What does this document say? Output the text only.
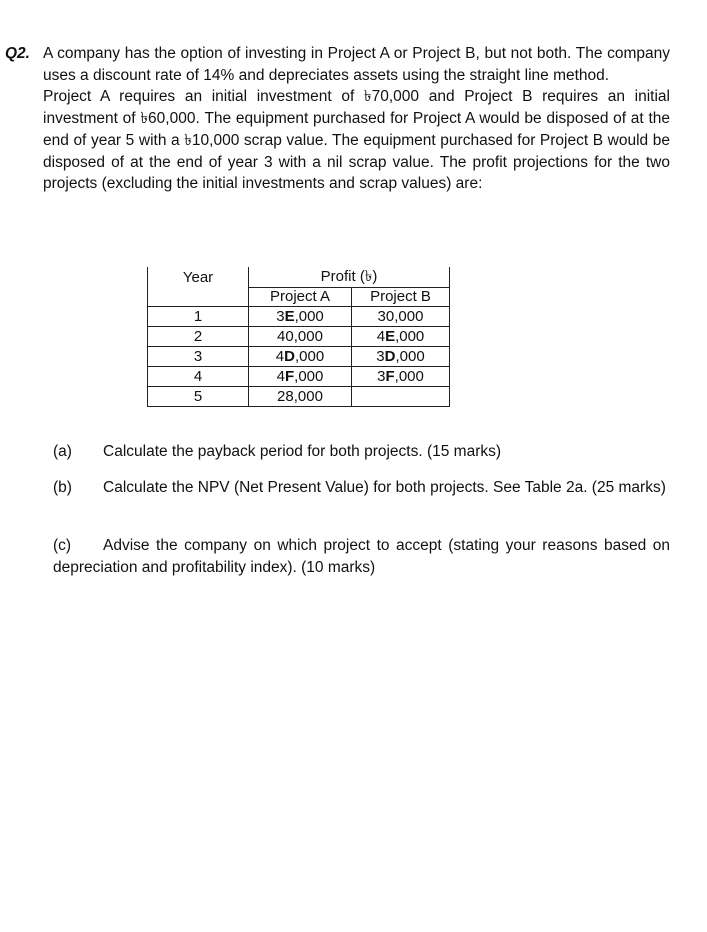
Q2. A company has the option of investing in Project A or Project B, but not both. The company uses a discount rate of 14% and depreciates assets using the straight line method.

Project A requires an initial investment of ৳70,000 and Project B requires an initial investment of ৳60,000. The equipment purchased for Project A would be disposed of at the end of year 5 with a ৳10,000 scrap value. The equipment purchased for Project B would be disposed of at the end of year 3 with a nil scrap value. The profit projections for the two projects (excluding the initial investments and scrap values) are:

Year	Profit (৳)	
	Project A	Project B
1	3E,000	30,000
2	40,000	4E,000
3	4D,000	3D,000
4	4F,000	3F,000
5	28,000	
(a) Calculate the payback period for both projects. (15 marks)
(b) Calculate the NPV (Net Present Value) for both projects. See Table 2a. (25 marks)
(c) Advise the company on which project to accept (stating your reasons based on depreciation and profitability index). (10 marks)
